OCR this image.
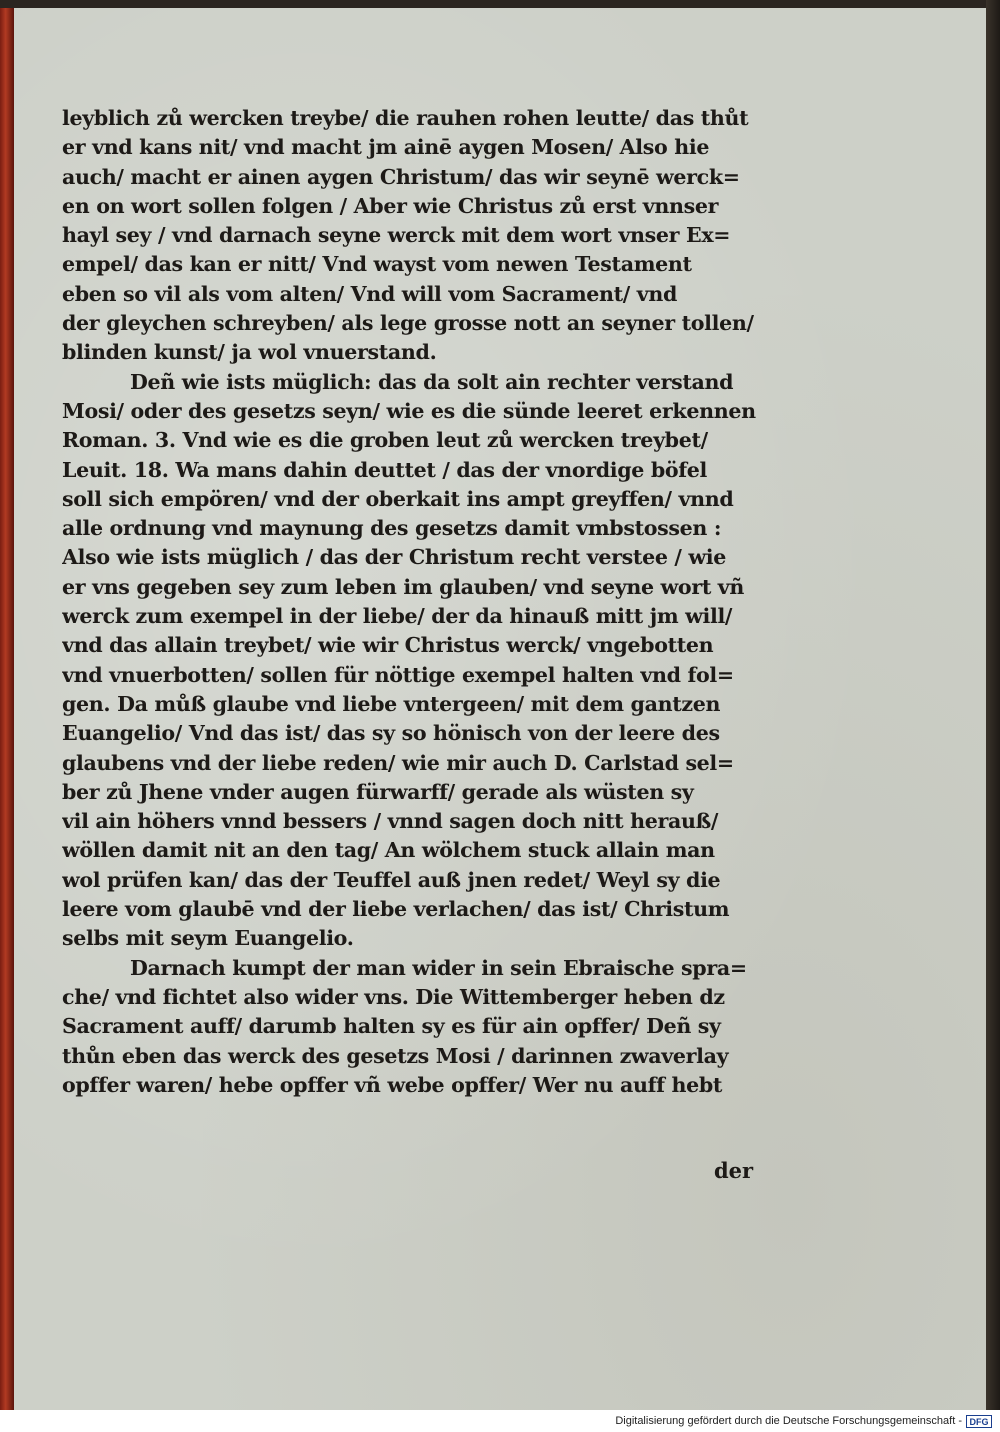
leyblich zů wercken treybe/ die rauhen rohen leutte/ das thůt
er vnd kans nit/ vnd macht jm ainē aygen Mosen/ Also hie
auch/ macht er ainen aygen Christum/ das wir seynē werck=
en on wort sollen folgen / Aber wie Christus zů erst vnnser
hayl sey / vnd darnach seyne werck mit dem wort vnser Ex=
empel/ das kan er nitt/ Vnd wayst vom newen Testament
eben so vil als vom alten/ Vnd will vom Sacrament/ vnd
der gleychen schreyben/ als lege grosse nott an seyner tollen/
blinden kunst/ ja wol vnuerstand.
Deñ wie ists müglich: das da solt ain rechter verstand
Mosi/ oder des gesetzs seyn/ wie es die sünde leeret erkennen
Roman. 3. Vnd wie es die groben leut zů wercken treybet/
Leuit. 18. Wa mans dahin deuttet / das der vnordige böfel
soll sich empören/ vnd der oberkait ins ampt greyffen/ vnnd
alle ordnung vnd maynung des gesetzs damit vmbstossen :
Also wie ists müglich / das der Christum recht verstee / wie
er vns gegeben sey zum leben im glauben/ vnd seyne wort vñ
werck zum exempel in der liebe/ der da hinauß mitt jm will/
vnd das allain treybet/ wie wir Christus werck/ vngebotten
vnd vnuerbotten/ sollen für nöttige exempel halten vnd fol=
gen. Da můß glaube vnd liebe vntergeen/ mit dem gantzen
Euangelio/ Vnd das ist/ das sy so hönisch von der leere des
glaubens vnd der liebe reden/ wie mir auch D. Carlstad sel=
ber zů Jhene vnder augen fürwarff/ gerade als wüsten sy
vil ain höhers vnnd bessers / vnnd sagen doch nitt herauß/
wöllen damit nit an den tag/ An wölchem stuck allain man
wol prüfen kan/ das der Teuffel auß jnen redet/ Weyl sy die
leere vom glaubē vnd der liebe verlachen/ das ist/ Christum
selbs mit seym Euangelio.
Darnach kumpt der man wider in sein Ebraische spra=
che/ vnd fichtet also wider vns. Die Wittemberger heben dz
Sacrament auff/ darumb halten sy es für ain opffer/ Deñ sy
thůn eben das werck des gesetzs Mosi / darinnen zwaverlay
opffer waren/ hebe opffer vñ webe opffer/ Wer nu auff hebt
der
Digitalisierung gefördert durch die Deutsche Forschungsgemeinschaft - DFG
